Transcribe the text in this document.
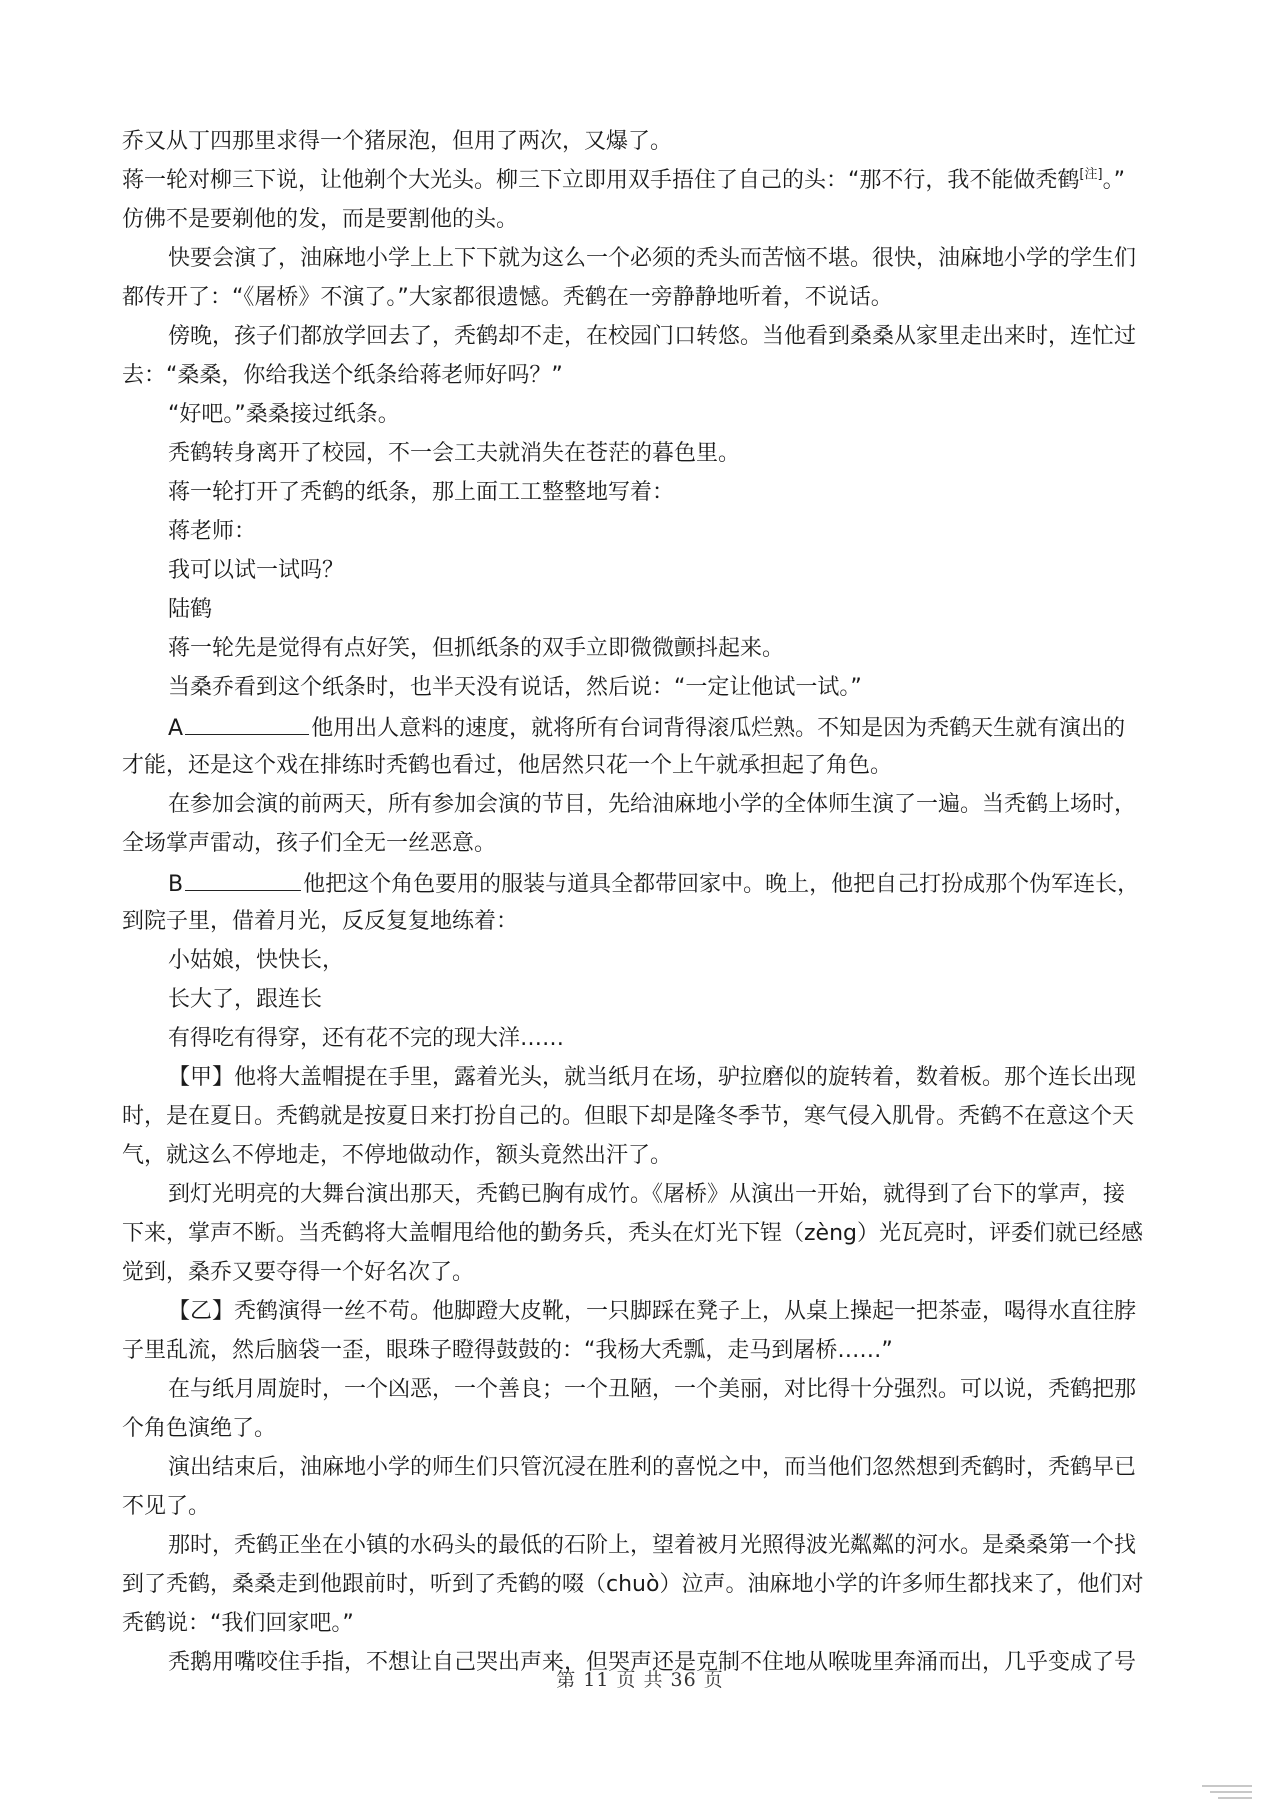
乔又从丁四那里求得一个猪尿泡，但用了两次，又爆了。
蒋一轮对柳三下说，让他剃个大光头。柳三下立即用双手捂住了自己的头：“那不行，我不能做秃鹤[注]。”
仿佛不是要剃他的发，而是要割他的头。
快要会演了，油麻地小学上上下下就为这么一个必须的秃头而苦恼不堪。很快，油麻地小学的学生们
都传开了：“《屠桥》不演了。”大家都很遗憾。秃鹤在一旁静静地听着，不说话。
傍晚，孩子们都放学回去了，秃鹤却不走，在校园门口转悠。当他看到桑桑从家里走出来时，连忙过
去：“桑桑，你给我送个纸条给蒋老师好吗？”
“好吧。”桑桑接过纸条。
秃鹤转身离开了校园，不一会工夫就消失在苍茫的暮色里。
蒋一轮打开了秃鹤的纸条，那上面工工整整地写着：
蒋老师：
我可以试一试吗？
陆鹤
蒋一轮先是觉得有点好笑，但抓纸条的双手立即微微颤抖起来。
当桑乔看到这个纸条时，也半天没有说话，然后说：“一定让他试一试。”
A	他用出人意料的速度，就将所有台词背得滚瓜烂熟。不知是因为秃鹤天生就有演出的
才能，还是这个戏在排练时秃鹤也看过，他居然只花一个上午就承担起了角色。
在参加会演的前两天，所有参加会演的节目，先给油麻地小学的全体师生演了一遍。当秃鹤上场时，
全场掌声雷动，孩子们全无一丝恶意。
B	他把这个角色要用的服装与道具全都带回家中。晚上，他把自己打扮成那个伪军连长，
到院子里，借着月光，反反复复地练着：
小姑娘，快快长，
长大了，跟连长
有得吃有得穿，还有花不完的现大洋……
【甲】他将大盖帽提在手里，露着光头，就当纸月在场，驴拉磨似的旋转着，数着板。那个连长出现
时，是在夏日。秃鹤就是按夏日来打扮自己的。但眼下却是隆冬季节，寒气侵入肌骨。秃鹤不在意这个天
气，就这么不停地走，不停地做动作，额头竟然出汗了。
到灯光明亮的大舞台演出那天，秃鹤已胸有成竹。《屠桥》从演出一开始，就得到了台下的掌声，接
下来，掌声不断。当秃鹤将大盖帽甩给他的勤务兵，秃头在灯光下锃（zèng）光瓦亮时，评委们就已经感
觉到，桑乔又要夺得一个好名次了。
【乙】秃鹤演得一丝不苟。他脚蹬大皮靴，一只脚踩在凳子上，从桌上操起一把茶壶，喝得水直往脖
子里乱流，然后脑袋一歪，眼珠子瞪得鼓鼓的：“我杨大秃瓢，走马到屠桥……”
在与纸月周旋时，一个凶恶，一个善良；一个丑陋，一个美丽，对比得十分强烈。可以说，秃鹤把那
个角色演绝了。
演出结束后，油麻地小学的师生们只管沉浸在胜利的喜悦之中，而当他们忽然想到秃鹤时，秃鹤早已
不见了。
那时，秃鹤正坐在小镇的水码头的最低的石阶上，望着被月光照得波光粼粼的河水。是桑桑第一个找
到了秃鹤，桑桑走到他跟前时，听到了秃鹤的啜（chuò）泣声。油麻地小学的许多师生都找来了，他们对
秃鹤说：“我们回家吧。”
秃鹅用嘴咬住手指，不想让自己哭出声来，但哭声还是克制不住地从喉咙里奔涌而出，几乎变成了号
第 11 页 共 36 页
